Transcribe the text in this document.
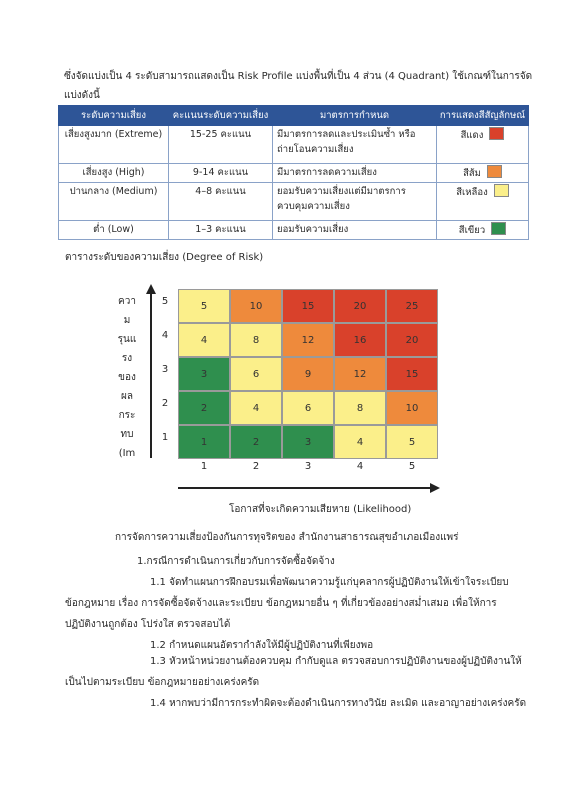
ซึ่งจัดแบ่งเป็น 4 ระดับสามารถแสดงเป็น Risk Profile แบ่งพื้นที่เป็น 4 ส่วน (4 Quadrant) ใช้เกณฑ์ในการจัดแบ่งดังนี้
ระดับความเสี่ยง	คะแนนระดับความเสี่ยง	มาตรการกำหนด	การแสดงสีสัญลักษณ์
เสี่ยงสูงมาก (Extreme)	15-25 คะแนน	มีมาตรการลดและประเมินซ้ำ หรือถ่ายโอนความเสี่ยง	สีแดง
เสี่ยงสูง (High)	9-14 คะแนน	มีมาตรการลดความเสี่ยง	สีส้ม
ปานกลาง (Medium)	4–8 คะแนน	ยอมรับความเสี่ยงแต่มีมาตรการ ควบคุมความเสี่ยง	สีเหลือง
ต่ำ (Low)	1–3 คะแนน	ยอมรับความเสี่ยง	สีเขียว
ตารางระดับของความเสี่ยง (Degree of Risk)
ควา
ม
รุนแ
รง
ของ
ผล
กระ
ทบ
(Im
5	10	15	20	25
4	8	12	16	20
3	6	9	12	15
2	4	6	8	10
1	2	3	4	5
5
4
3
2
1
1	2	3	4	5
โอกาสที่จะเกิดความเสียหาย (Likelihood)
การจัดการความเสี่ยงป้องกันการทุจริตของ สำนักงานสาธารณสุขอำเภอเมืองแพร่
1.กรณีการดำเนินการเกี่ยวกับการจัดซื้อจัดจ้าง
1.1 จัดทำแผนการฝึกอบรมเพื่อพัฒนาความรู้แก่บุคลากรผู้ปฏิบัติงานให้เข้าใจระเบียบ
ข้อกฎหมาย เรื่อง การจัดซื้อจัดจ้างและระเบียบ ข้อกฎหมายอื่น ๆ ที่เกี่ยวข้องอย่างสม่ำเสมอ เพื่อให้การ
ปฏิบัติงานถูกต้อง โปร่งใส ตรวจสอบได้
1.2 กำหนดแผนอัตรากำลังให้มีผู้ปฏิบัติงานที่เพียงพอ
1.3 หัวหน้าหน่วยงานต้องควบคุม กำกับดูแล ตรวจสอบการปฏิบัติงานของผู้ปฏิบัติงานให้
เป็นไปตามระเบียบ ข้อกฎหมายอย่างเคร่งครัด
1.4 หากพบว่ามีการกระทำผิดจะต้องดำเนินการทางวินัย ละเมิด และอาญาอย่างเคร่งครัด
